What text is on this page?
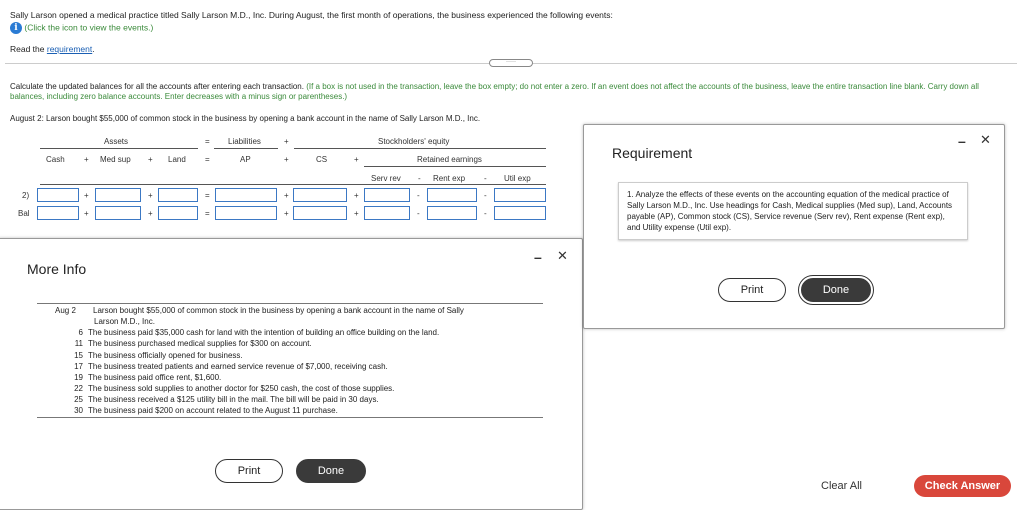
Sally Larson opened a medical practice titled Sally Larson M.D., Inc. During August, the first month of operations, the business experienced the following events:
i (Click the icon to view the events.)
Read the requirement.
·····
Calculate the updated balances for all the accounts after entering each transaction. (If a box is not used in the transaction, leave the box empty; do not enter a zero. If an event does not affect the accounts of the business, leave the entire transaction line blank. Carry down all balances, including zero balance accounts. Enter decreases with a minus sign or parentheses.)
August 2: Larson bought $55,000 of common stock in the business by opening a bank account in the name of Sally Larson M.D., Inc.
Assets	= Liabilities	+	Stockholders' equity
Retained earnings
Cash + Med sup + Land =	AP	+	CS	+
Serv rev - Rent exp - Util exp
2)	+	+	=	+	+	-	-
Bal	+	+	=	+	+	-	-
More Info
– ✕
Aug 2 Larson bought $55,000 of common stock in the business by opening a bank account in the name of Sally
Larson M.D., Inc.
6 The business paid $35,000 cash for land with the intention of building an office building on the land.
11 The business purchased medical supplies for $300 on account.
15 The business officially opened for business.
17 The business treated patients and earned service revenue of $7,000, receiving cash.
19 The business paid office rent, $1,600.
22 The business sold supplies to another doctor for $250 cash, the cost of those supplies.
25 The business received a $125 utility bill in the mail. The bill will be paid in 30 days.
30 The business paid $200 on account related to the August 11 purchase.
Print	Done
Requirement
– ✕
1. Analyze the effects of these events on the accounting equation of the medical practice of Sally Larson M.D., Inc. Use headings for Cash, Medical supplies (Med sup), Land, Accounts payable (AP), Common stock (CS), Service revenue (Serv rev), Rent expense (Rent exp), and Utility expense (Util exp).
Print	Done
Clear All	Check Answer
